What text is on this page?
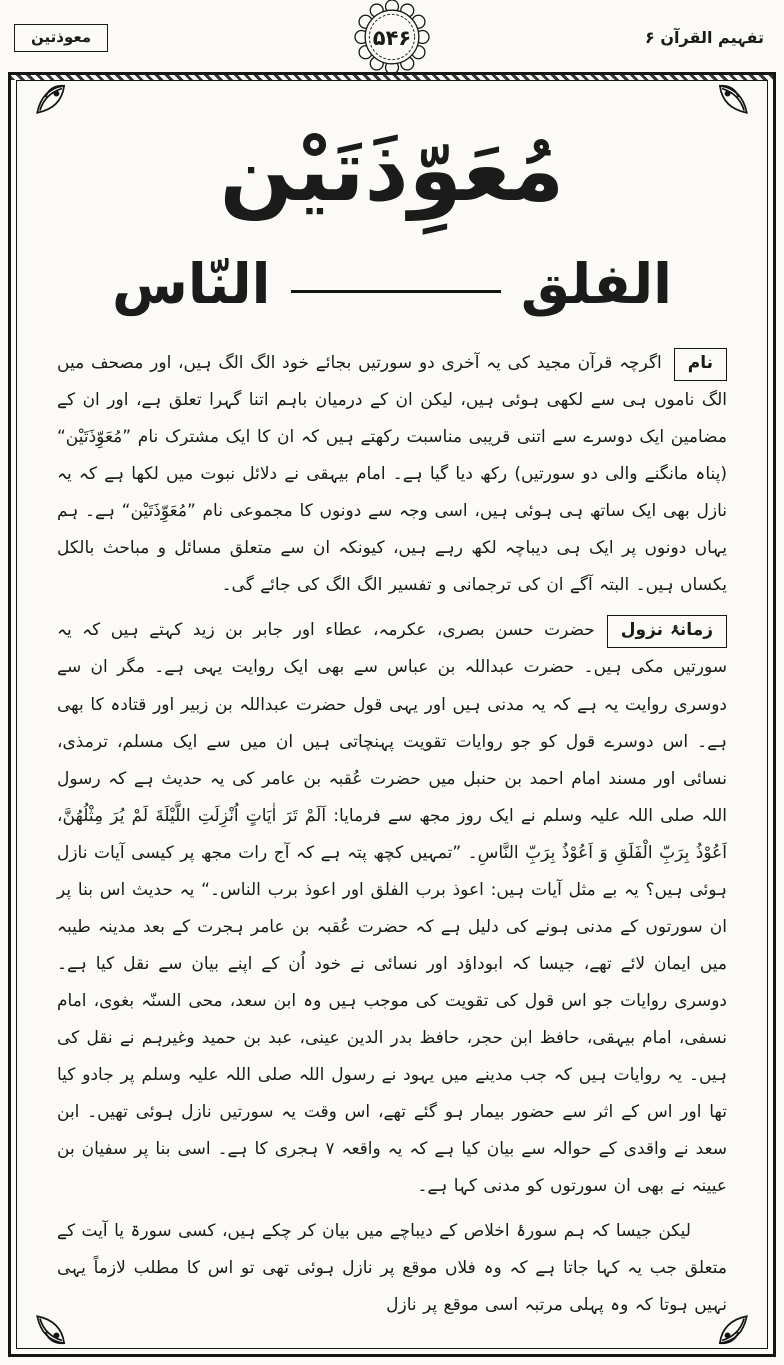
تفہیم القرآن ۶
۵۴۶
معوذتین
مُعَوِّذَتَیْن
الفلق
النّاس

ناماگرچہ قرآن مجید کی یہ آخری دو سورتیں بجائے خود الگ الگ ہیں، اور مصحف میں الگ ناموں ہی سے لکھی ہوئی ہیں، لیکن ان کے درمیان باہم اتنا گہرا تعلق ہے، اور ان کے مضامین ایک دوسرے سے اتنی قریبی مناسبت رکھتے ہیں کہ ان کا ایک مشترک نام ”مُعَوِّذَتَیْن“ (پناہ مانگنے والی دو سورتیں) رکھ دیا گیا ہے۔ امام بیہقی نے دلائل نبوت میں لکھا ہے کہ یہ نازل بھی ایک ساتھ ہی ہوئی ہیں، اسی وجہ سے دونوں کا مجموعی نام ”مُعَوِّذَتَیْن“ ہے۔ ہم یہاں دونوں پر ایک ہی دیباچہ لکھ رہے ہیں، کیونکہ ان سے متعلق مسائل و مباحث بالکل یکساں ہیں۔ البتہ آگے ان کی ترجمانی و تفسیر الگ الگ کی جائے گی۔

زمانۂ نزولحضرت حسن بصری، عکرمہ، عطاء اور جابر بن زید کہتے ہیں کہ یہ سورتیں مکی ہیں۔ حضرت عبداللہ بن عباس سے بھی ایک روایت یہی ہے۔ مگر ان سے دوسری روایت یہ ہے کہ یہ مدنی ہیں اور یہی قول حضرت عبداللہ بن زبیر اور قتادہ کا بھی ہے۔ اس دوسرے قول کو جو روایات تقویت پہنچاتی ہیں ان میں سے ایک مسلم، ترمذی، نسائی اور مسند امام احمد بن حنبل میں حضرت عُقبہ بن عامر کی یہ حدیث ہے کہ رسول اللہ صلی اللہ علیہ وسلم نے ایک روز مجھ سے فرمایا: اَلَمْ تَرَ اٰیَاتٍ اُنْزِلَتِ اللَّیْلَةَ لَمْ یُرَ مِثْلُھُنَّ، اَعُوْذُ بِرَبِّ الْفَلَقِ وَ اَعُوْذُ بِرَبِّ النَّاسِ۔ ”تمہیں کچھ پتہ ہے کہ آج رات مجھ پر کیسی آیات نازل ہوئی ہیں؟ یہ بے مثل آیات ہیں: اعوذ برب الفلق اور اعوذ برب الناس۔“ یہ حدیث اس بنا پر ان سورتوں کے مدنی ہونے کی دلیل ہے کہ حضرت عُقبہ بن عامر ہجرت کے بعد مدینہ طیبہ میں ایمان لائے تھے، جیسا کہ ابوداؤد اور نسائی نے خود اُن کے اپنے بیان سے نقل کیا ہے۔ دوسری روایات جو اس قول کی تقویت کی موجب ہیں وہ ابن سعد، محی السنّہ بغوی، امام نسفی، امام بیہقی، حافظ ابن حجر، حافظ بدر الدین عینی، عبد بن حمید وغیرہم نے نقل کی ہیں۔ یہ روایات ہیں کہ جب مدینے میں یہود نے رسول اللہ صلی اللہ علیہ وسلم پر جادو کیا تھا اور اس کے اثر سے حضور بیمار ہو گئے تھے، اس وقت یہ سورتیں نازل ہوئی تھیں۔ ابن سعد نے واقدی کے حوالہ سے بیان کیا ہے کہ یہ واقعہ ۷ ہجری کا ہے۔ اسی بنا پر سفیان بن عیینہ نے بھی ان سورتوں کو مدنی کہا ہے۔

لیکن جیسا کہ ہم سورۂ اخلاص کے دیباچے میں بیان کر چکے ہیں، کسی سورۃ یا آیت کے متعلق جب یہ کہا جاتا ہے کہ وہ فلاں موقع پر نازل ہوئی تھی تو اس کا مطلب لازماً یہی نہیں ہوتا کہ وہ پہلی مرتبہ اسی موقع پر نازل
